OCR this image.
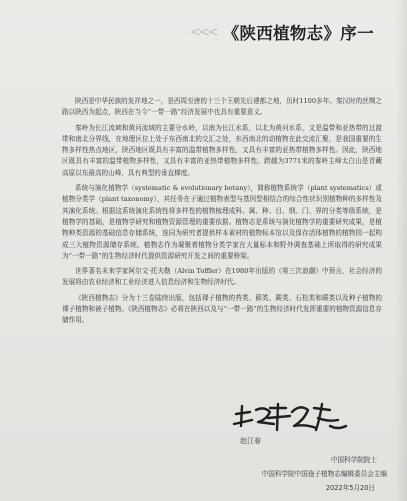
<<< 《陕西植物志》序一

陕西是中华民族的发祥地之一，是西周至唐的十三个王朝先后建都之地，历时1100多年。秦汉时的丝绸之路以陕西为起点，陕西在当今“一带一路”经济发展中也具有重要意义。

秦岭为长江流域和黄河流域的主要分水岭，以南为长江水系，以北为黄河水系，又是温带和亚热带的过渡带和南北分界线，在地理区位上处于东西南北的交汇之处，东西南北的动植物在此交流汇聚，是我国重要的生物多样性热点地区，陕西地区既具有丰富的温带植物多样性，又具有丰富的亚热带植物多样性。因此，陕西地区既具有丰富的温带植物多样性，又具有丰富的亚热带植物多样性。跨越为3771米的秦岭主峰太白山是青藏高原以东最高的山峰，具有典型的垂直梯度。

系统与演化植物学（systematic & evolutionary botany），简称植物系统学（plant systematics）或植物分类学（plant taxonomy），其任务在于通过植物表型与基因型相结合的综合性状识别植物种的多样性及其演化系统。根据这系统演化系统性将多样性的植物梳理成科、属、种、目、纲、门、界的分类等级系统，是植物学的基础，是植物学研究和植物资源管理的重要依据。植物志是系统与演化植物学的重要研究成果，是植物种类资源的基础信息存储系统，连同为研究者提供样本素材的植物标本馆以及保存活体植物的植物园一起构成三大植物资源储存系统。植物志作为凝聚着植物分类学家在大量标本和野外调查基础上所取得的研究成果为“一带一路”的生物经济时代提供资源研究开发之间的重要桥梁。

世界著名未来学家阿尔文·托夫勒（Alvin Toffler）在1980年出版的《第三次浪潮》中预言，社会经济的发展将由农业经济和工业经济进入信息经济和生物经济时代。

《陕西植物志》分为十三卷陆续出版，包括裸子植物的苔类、藓类、蕨类、石松类和蕨类以及种子植物的裸子植物和被子植物。《陕西植物志》必将在陕西以及与“一带一路”的生物经济时代发挥重要的植物资源信息存储作用。

赵江春
中国科学院院士
中国科学院中国孢子植物志编辑委员会主编
2022年5月20日
